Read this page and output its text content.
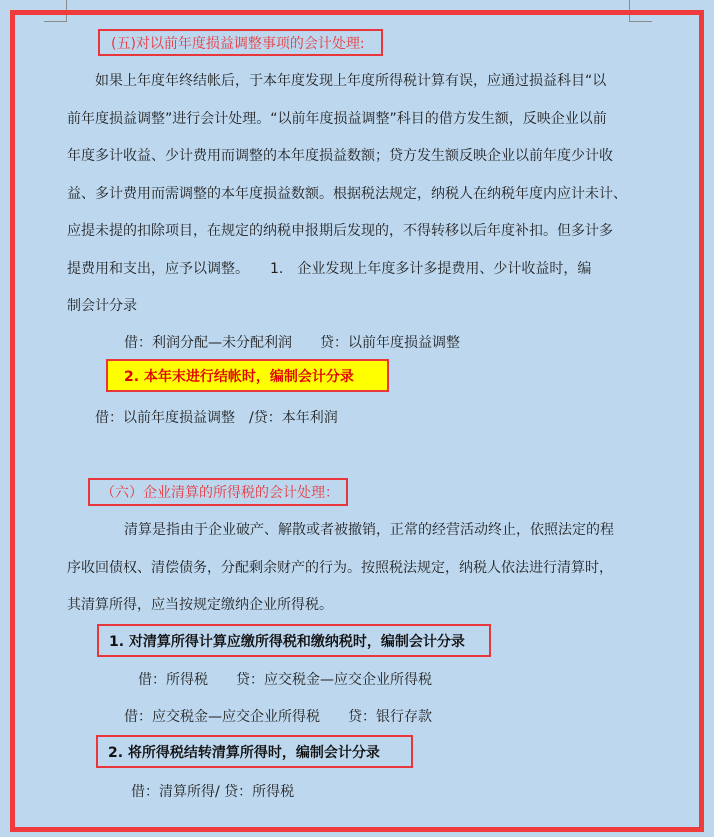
(五)对以前年度损益调整事项的会计处理:
如果上年度年终结帐后，于本年度发现上年度所得税计算有误，应通过损益科目“以
前年度损益调整”进行会计处理。“以前年度损益调整”科目的借方发生额，反映企业以前
年度多计收益、少计费用而调整的本年度损益数额；贷方发生额反映企业以前年度少计收
益、多计费用而需调整的本年度损益数额。根据税法规定，纳税人在纳税年度内应计未计、
应提未提的扣除项目，在规定的纳税申报期后发现的，不得转移以后年度补扣。但多计多
提费用和支出，应予以调整。　　1.　企业发现上年度多计多提费用、少计收益时，编
制会计分录
借：利润分配—未分配利润　　贷：以前年度损益调整
2. 本年末进行结帐时，编制会计分录
借：以前年度损益调整　/贷：本年利润
（六）企业清算的所得税的会计处理：
清算是指由于企业破产、解散或者被撤销，正常的经营活动终止，依照法定的程
序收回债权、清偿债务，分配剩余财产的行为。按照税法规定，纳税人依法进行清算时，
其清算所得，应当按规定缴纳企业所得税。
1. 对清算所得计算应缴所得税和缴纳税时，编制会计分录
借：所得税　　贷：应交税金—应交企业所得税
借：应交税金—应交企业所得税　　贷：银行存款
2. 将所得税结转清算所得时，编制会计分录
借：清算所得/ 贷：所得税
